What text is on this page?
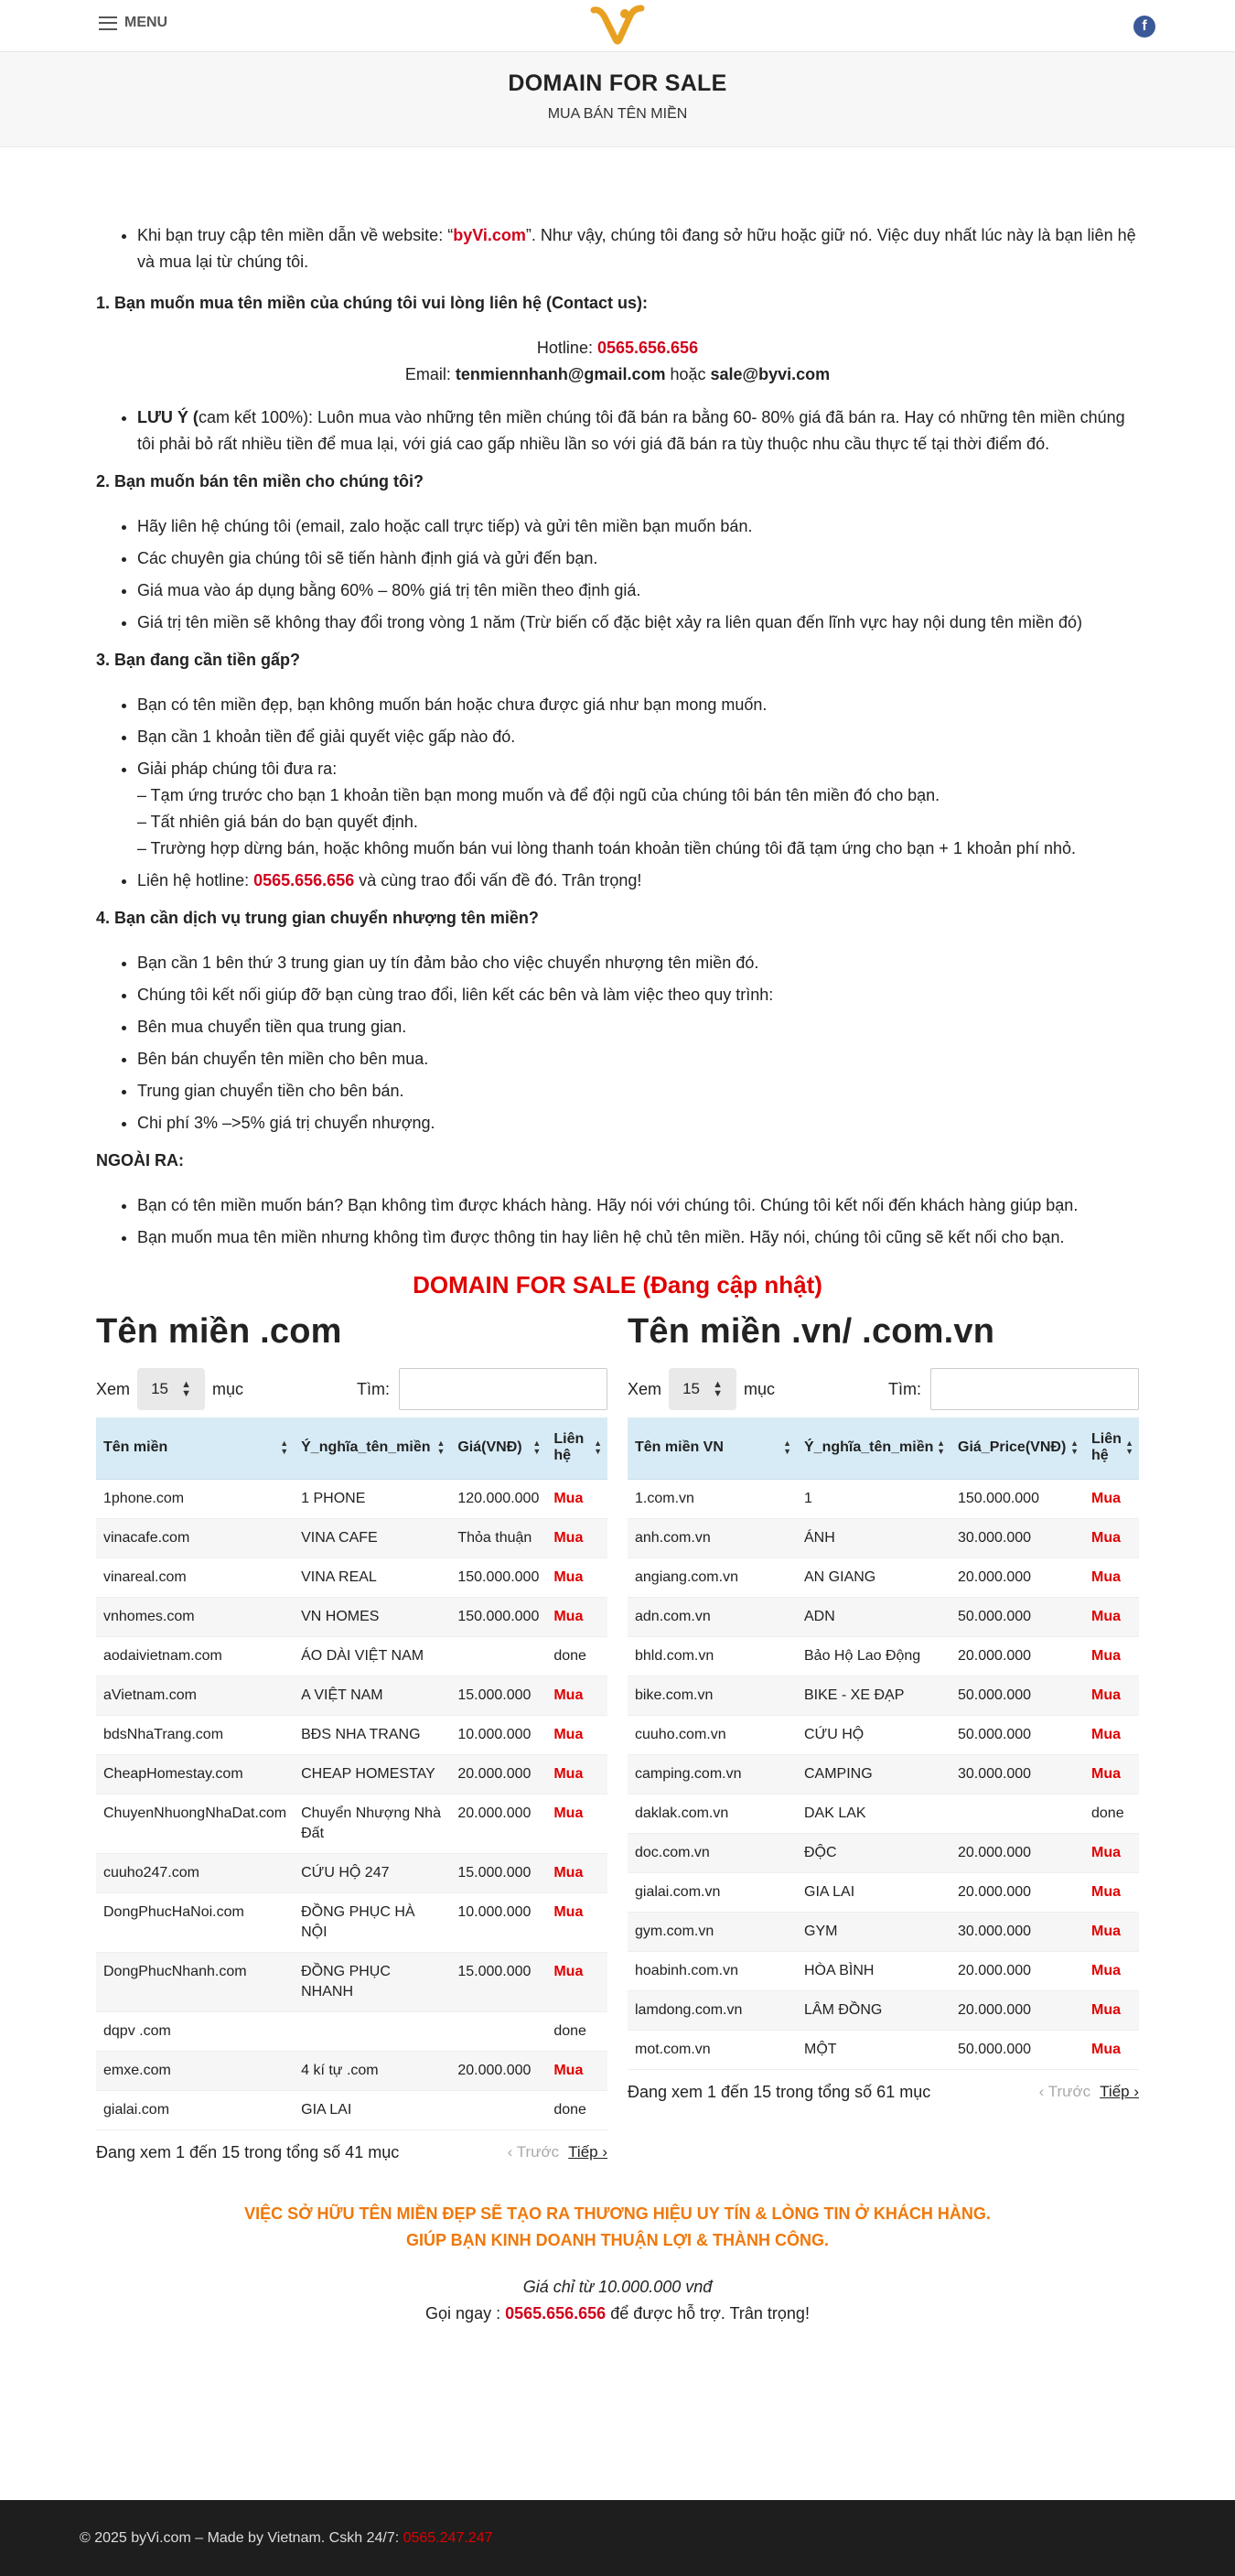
MENU	f
DOMAIN FOR SALE
MUA BÁN TÊN MIỀN
• Khi bạn truy cập tên miền dẫn về website: “byVi.com”. Như vậy, chúng tôi đang sở hữu hoặc giữ nó. Việc duy nhất lúc này là bạn liên hệ và mua lại từ chúng tôi.
1. Bạn muốn mua tên miền của chúng tôi vui lòng liên hệ (Contact us):

Hotline: 0565.656.656

Email: tenmiennhanh@gmail.com hoặc sale@byvi.com

• LƯU Ý (cam kết 100%): Luôn mua vào những tên miền chúng tôi đã bán ra bằng 60- 80% giá đã bán ra. Hay có những tên miền chúng tôi phải bỏ rất nhiều tiền để mua lại, với giá cao gấp nhiều lần so với giá đã bán ra tùy thuộc nhu cầu thực tế tại thời điểm đó.
2. Bạn muốn bán tên miền cho chúng tôi?
• Hãy liên hệ chúng tôi (email, zalo hoặc call trực tiếp) và gửi tên miền bạn muốn bán.
• Các chuyên gia chúng tôi sẽ tiến hành định giá và gửi đến bạn.
• Giá mua vào áp dụng bằng 60% – 80% giá trị tên miền theo định giá.
• Giá trị tên miền sẽ không thay đổi trong vòng 1 năm (Trừ biến cố đặc biệt xảy ra liên quan đến lĩnh vực hay nội dung tên miền đó)
3. Bạn đang cần tiền gấp?
• Bạn có tên miền đẹp, bạn không muốn bán hoặc chưa được giá như bạn mong muốn.
• Bạn cần 1 khoản tiền để giải quyết việc gấp nào đó.
• Giải pháp chúng tôi đưa ra:
– Tạm ứng trước cho bạn 1 khoản tiền bạn mong muốn và để đội ngũ của chúng tôi bán tên miền đó cho bạn.
– Tất nhiên giá bán do bạn quyết định.
– Trường hợp dừng bán, hoặc không muốn bán vui lòng thanh toán khoản tiền chúng tôi đã tạm ứng cho bạn + 1 khoản phí nhỏ.
• Liên hệ hotline: 0565.656.656 và cùng trao đổi vấn đề đó. Trân trọng!
4. Bạn cần dịch vụ trung gian chuyển nhượng tên miền?
• Bạn cần 1 bên thứ 3 trung gian uy tín đảm bảo cho việc chuyển nhượng tên miền đó.
• Chúng tôi kết nối giúp đỡ bạn cùng trao đổi, liên kết các bên và làm việc theo quy trình:
• Bên mua chuyển tiền qua trung gian.
• Bên bán chuyển tên miền cho bên mua.
• Trung gian chuyển tiền cho bên bán.
• Chi phí 3% –>5% giá trị chuyển nhượng.
NGOÀI RA:
• Bạn có tên miền muốn bán? Bạn không tìm được khách hàng. Hãy nói với chúng tôi. Chúng tôi kết nối đến khách hàng giúp bạn.
• Bạn muốn mua tên miền nhưng không tìm được thông tin hay liên hệ chủ tên miền. Hãy nói, chúng tôi cũng sẽ kết nối cho bạn.
DOMAIN FOR SALE (Đang cập nhật)
Tên miền .com
Xem 15 ▲
▼ mục	Tìm:
Tên miền ▲
▼	Ý_nghĩa_tên_miền ▲
▼	Giá(VNĐ) ▲
▼	Liên hệ
▲
▼

1phone.com	1 PHONE	120.000.000	Mua
vinacafe.com	VINA CAFE	Thỏa thuận	Mua
vinareal.com	VINA REAL	150.000.000	Mua
vnhomes.com	VN HOMES	150.000.000	Mua
aodaivietnam.com	ÁO DÀI VIỆT NAM		done
aVietnam.com	A VIỆT NAM	15.000.000	Mua
bdsNhaTrang.com	BĐS NHA TRANG	10.000.000	Mua
CheapHomestay.com	CHEAP HOMESTAY	20.000.000	Mua
ChuyenNhuongNhaDat.com	Chuyển Nhượng Nhà Đất	20.000.000	Mua
cuuho247.com	CỨU HỘ 247	15.000.000	Mua
DongPhucHaNoi.com	ĐỒNG PHỤC HÀ NỘI	10.000.000	Mua
DongPhucNhanh.com	ĐỒNG PHỤC NHANH	15.000.000	Mua
dqpv .com			done
emxe.com	4 kí tự .com	20.000.000	Mua
gialai.com	GIA LAI		done
Đang xem 1 đến 15 trong tổng số 41 mục	‹ Trước Tiếp ›
Tên miền .vn/ .com.vn
Xem 15 ▲
▼ mục	Tìm:
Tên miền VN ▲
▼	Ý_nghĩa_tên_miền ▲
▼	Giá_Price(VNĐ) ▲
▼	Liên hệ
▲
▼

1.com.vn	1	150.000.000	Mua
anh.com.vn	ÁNH	30.000.000	Mua
angiang.com.vn	AN GIANG	20.000.000	Mua
adn.com.vn	ADN	50.000.000	Mua
bhld.com.vn	Bảo Hộ Lao Động	20.000.000	Mua
bike.com.vn	BIKE - XE ĐẠP	50.000.000	Mua
cuuho.com.vn	CỨU HỘ	50.000.000	Mua
camping.com.vn	CAMPING	30.000.000	Mua
daklak.com.vn	DAK LAK		done
doc.com.vn	ĐỘC	20.000.000	Mua
gialai.com.vn	GIA LAI	20.000.000	Mua
gym.com.vn	GYM	30.000.000	Mua
hoabinh.com.vn	HÒA BÌNH	20.000.000	Mua
lamdong.com.vn	LÂM ĐỒNG	20.000.000	Mua
mot.com.vn	MỘT	50.000.000	Mua
Đang xem 1 đến 15 trong tổng số 61 mục	‹ Trước Tiếp ›
VIỆC SỞ HỮU TÊN MIỀN ĐẸP SẼ TẠO RA THƯƠNG HIỆU UY TÍN & LÒNG TIN Ở KHÁCH HÀNG.
GIÚP BẠN KINH DOANH THUẬN LỢI & THÀNH CÔNG.
Giá chỉ từ 10.000.000 vnđ
Gọi ngay : 0565.656.656 để được hỗ trợ. Trân trọng!
© 2025 byVi.com – Made by Vietnam. Cskh 24/7: 0565.247.247
